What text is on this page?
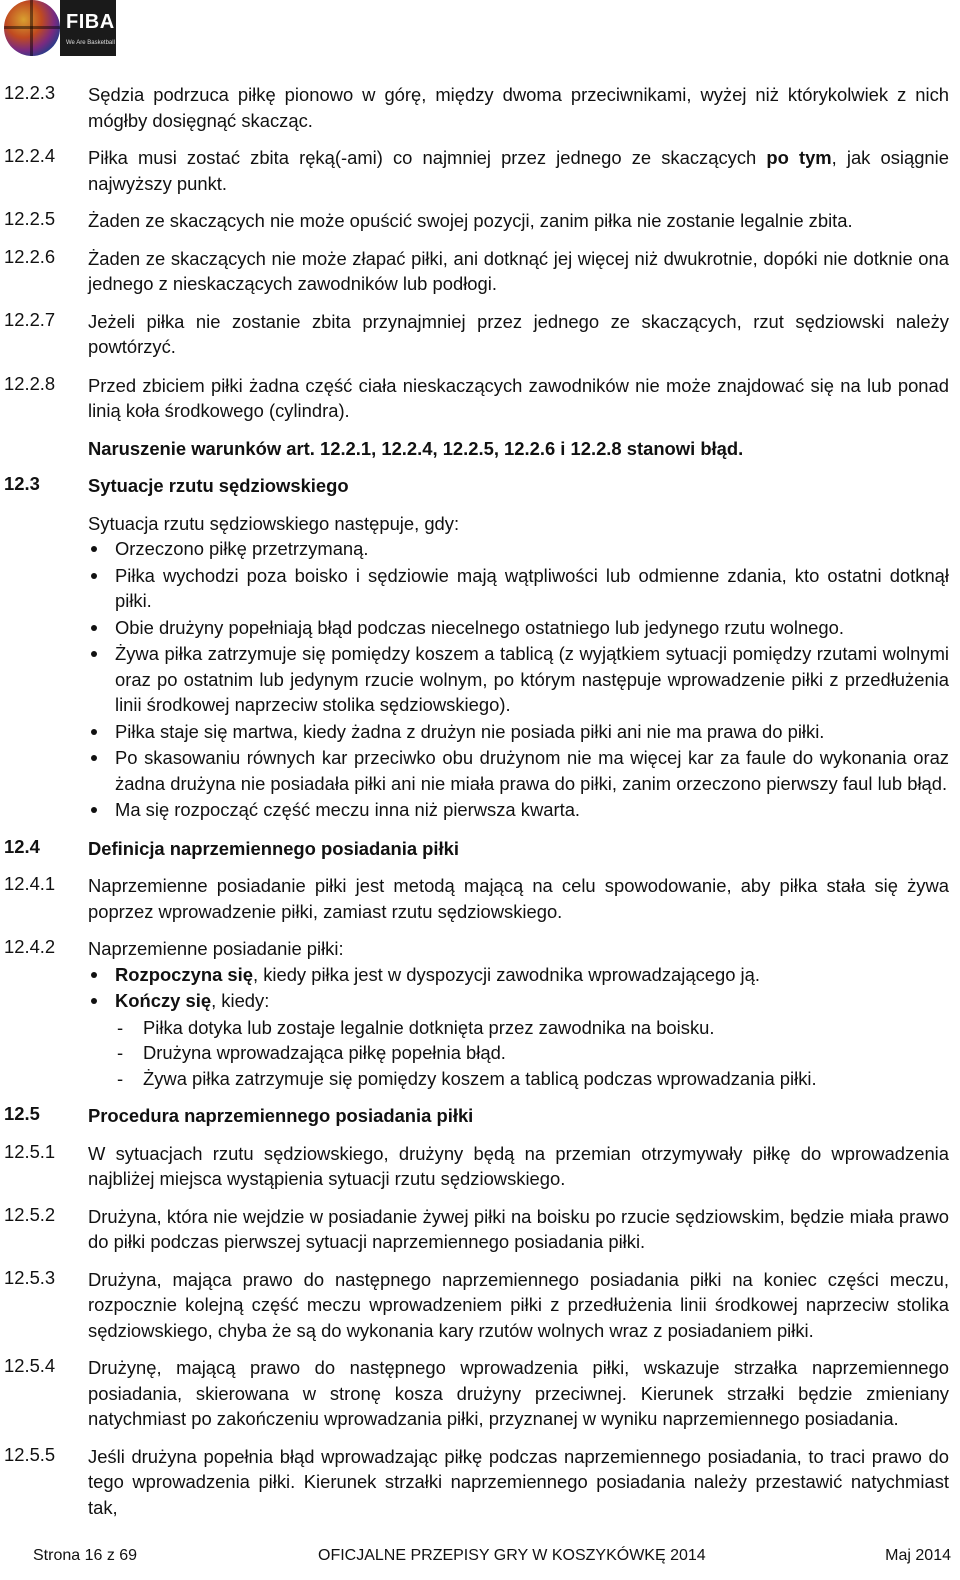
FIBA
We Are Basketball
12.2.3 Sędzia podrzuca piłkę pionowo w górę, między dwoma przeciwnikami, wyżej niż którykolwiek z nich mógłby dosięgnąć skacząc.
12.2.4 Piłka musi zostać zbita ręką(-ami) co najmniej przez jednego ze skaczących po tym, jak osiągnie najwyższy punkt.
12.2.5 Żaden ze skaczących nie może opuścić swojej pozycji, zanim piłka nie zostanie legalnie zbita.
12.2.6 Żaden ze skaczących nie może złapać piłki, ani dotknąć jej więcej niż dwukrotnie, dopóki nie dotknie ona jednego z nieskaczących zawodników lub podłogi.
12.2.7 Jeżeli piłka nie zostanie zbita przynajmniej przez jednego ze skaczących, rzut sędziowski należy powtórzyć.
12.2.8 Przed zbiciem piłki żadna część ciała nieskaczących zawodników nie może znajdować się na lub ponad linią koła środkowego (cylindra).
Naruszenie warunków art. 12.2.1, 12.2.4, 12.2.5, 12.2.6 i 12.2.8 stanowi błąd.
12.3	Sytuacje rzutu sędziowskiego
Sytuacja rzutu sędziowskiego następuje, gdy:
Orzeczono piłkę przetrzymaną.
Piłka wychodzi poza boisko i sędziowie mają wątpliwości lub odmienne zdania, kto ostatni dotknął piłki.
Obie drużyny popełniają błąd podczas niecelnego ostatniego lub jedynego rzutu wolnego.
Żywa piłka zatrzymuje się pomiędzy koszem a tablicą (z wyjątkiem sytuacji pomiędzy rzutami wolnymi oraz po ostatnim lub jedynym rzucie wolnym, po którym następuje wprowadzenie piłki z przedłużenia linii środkowej naprzeciw stolika sędziowskiego).
Piłka staje się martwa, kiedy żadna z drużyn nie posiada piłki ani nie ma prawa do piłki.
Po skasowaniu równych kar przeciwko obu drużynom nie ma więcej kar za faule do wykonania oraz żadna drużyna nie posiadała piłki ani nie miała prawa do piłki, zanim orzeczono pierwszy faul lub błąd.
Ma się rozpocząć część meczu inna niż pierwsza kwarta.
12.4	Definicja naprzemiennego posiadania piłki
12.4.1 Naprzemienne posiadanie piłki jest metodą mającą na celu spowodowanie, aby piłka stała się żywa poprzez wprowadzenie piłki, zamiast rzutu sędziowskiego.
12.4.2 Naprzemienne posiadanie piłki:
Rozpoczyna się, kiedy piłka jest w dyspozycji zawodnika wprowadzającego ją.
Kończy się, kiedy:
- Piłka dotyka lub zostaje legalnie dotknięta przez zawodnika na boisku.
- Drużyna wprowadzająca piłkę popełnia błąd.
- Żywa piłka zatrzymuje się pomiędzy koszem a tablicą podczas wprowadzania piłki.
12.5	Procedura naprzemiennego posiadania piłki
12.5.1 W sytuacjach rzutu sędziowskiego, drużyny będą na przemian otrzymywały piłkę do wprowadzenia najbliżej miejsca wystąpienia sytuacji rzutu sędziowskiego.
12.5.2 Drużyna, która nie wejdzie w posiadanie żywej piłki na boisku po rzucie sędziowskim, będzie miała prawo do piłki podczas pierwszej sytuacji naprzemiennego posiadania piłki.
12.5.3 Drużyna, mająca prawo do następnego naprzemiennego posiadania piłki na koniec części meczu, rozpocznie kolejną część meczu wprowadzeniem piłki z przedłużenia linii środkowej naprzeciw stolika sędziowskiego, chyba że są do wykonania kary rzutów wolnych wraz z posiadaniem piłki.
12.5.4 Drużynę, mającą prawo do następnego wprowadzenia piłki, wskazuje strzałka naprzemiennego posiadania, skierowana w stronę kosza drużyny przeciwnej. Kierunek strzałki będzie zmieniany natychmiast po zakończeniu wprowadzania piłki, przyznanej w wyniku naprzemiennego posiadania.
12.5.5 Jeśli drużyna popełnia błąd wprowadzając piłkę podczas naprzemiennego posiadania, to traci prawo do tego wprowadzenia piłki. Kierunek strzałki naprzemiennego posiadania należy przestawić natychmiast tak,
Strona 16 z 69	OFICJALNE PRZEPISY GRY W KOSZYKÓWKĘ 2014	Maj 2014
